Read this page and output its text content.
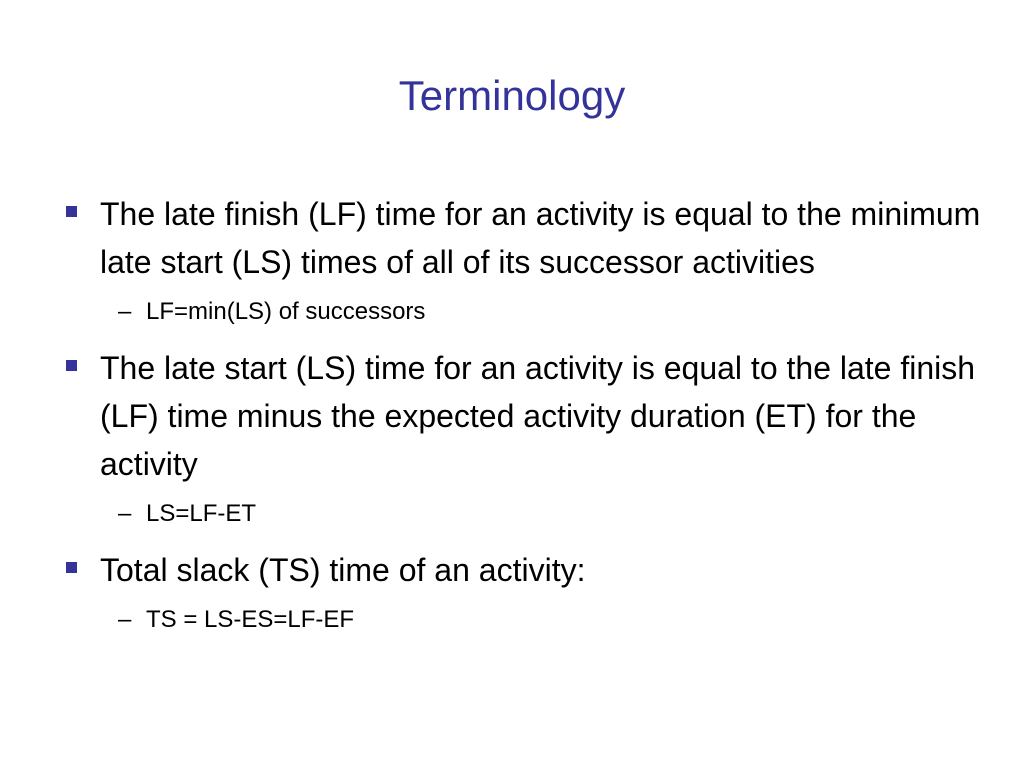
Terminology
The late finish (LF) time for an activity is equal to the minimum late start (LS) times of all of its successor activities
– LF=min(LS) of successors
The late start (LS) time for an activity is equal to the late finish (LF) time minus the expected activity duration (ET) for the activity
– LS=LF-ET
Total slack (TS) time of an activity:
– TS = LS-ES=LF-EF
